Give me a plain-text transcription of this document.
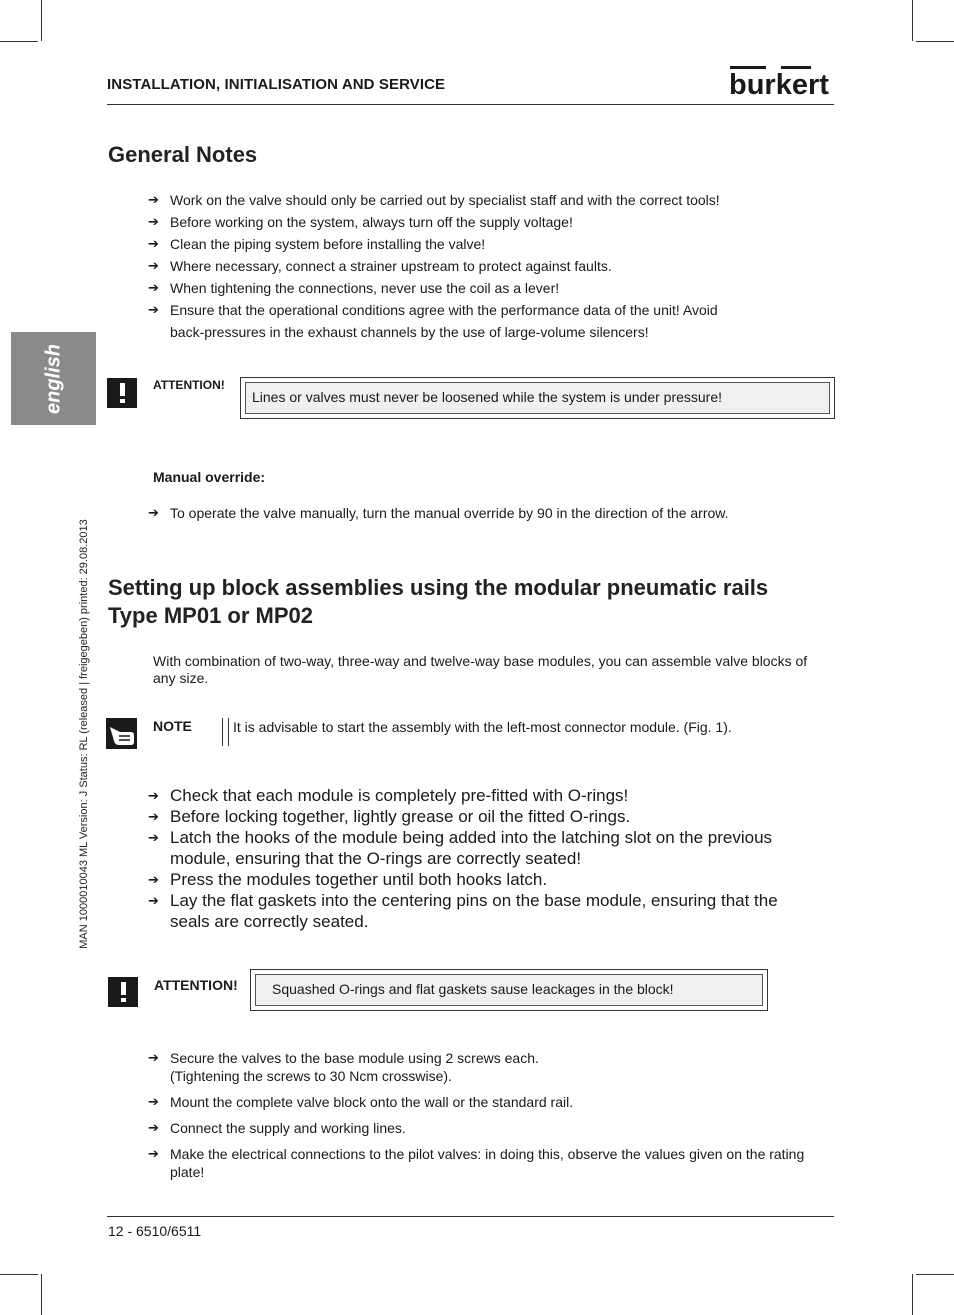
INSTALLATION, INITIALISATION AND SERVICE	burkert
english
MAN 1000010043 ML Version: J Status: RL (released | freigegeben) printed: 29.08.2013
General Notes
➔ Work on the valve should only be carried out by specialist staff and with the correct tools!
➔ Before working on the system, always turn off the supply voltage!
➔ Clean the piping system before installing the valve!
➔ Where necessary, connect a strainer upstream to protect against faults.
➔ When tightening the connections, never use the coil as a lever!
➔ Ensure that the operational conditions agree with the performance data of the unit! Avoid
back-pressures in the exhaust channels by the use of large-volume silencers!
ATTENTION!
Lines or valves must never be loosened while the system is under pressure!
Manual override:
➔ To operate the valve manually, turn the manual override by 90 in the direction of the arrow.
Setting up block assemblies using the modular pneumatic rails
Type MP01 or MP02
With combination of two-way, three-way and twelve-way base modules, you can assemble valve blocks of any size.
NOTE	It is advisable to start the assembly with the left-most connector module. (Fig. 1).
➔ Check that each module is completely pre-fitted with O-rings!
➔ Before locking together, lightly grease or oil the fitted O-rings.
➔ Latch the hooks of the module being added into the latching slot on the previous
module, ensuring that the O-rings are correctly seated!
➔ Press the modules together until both hooks latch.
➔ Lay the flat gaskets into the centering pins on the base module, ensuring that the
seals are correctly seated.
ATTENTION!	Squashed O-rings and flat gaskets sause leackages in the block!
➔ Secure the valves to the base module using 2 screws each.
(Tightening the screws to 30 Ncm crosswise).
➔ Mount the complete valve block onto the wall or the standard rail.
➔ Connect the supply and working lines.
➔ Make the electrical connections to the pilot valves: in doing this, observe the values given on the rating plate!
12 - 6510/6511
